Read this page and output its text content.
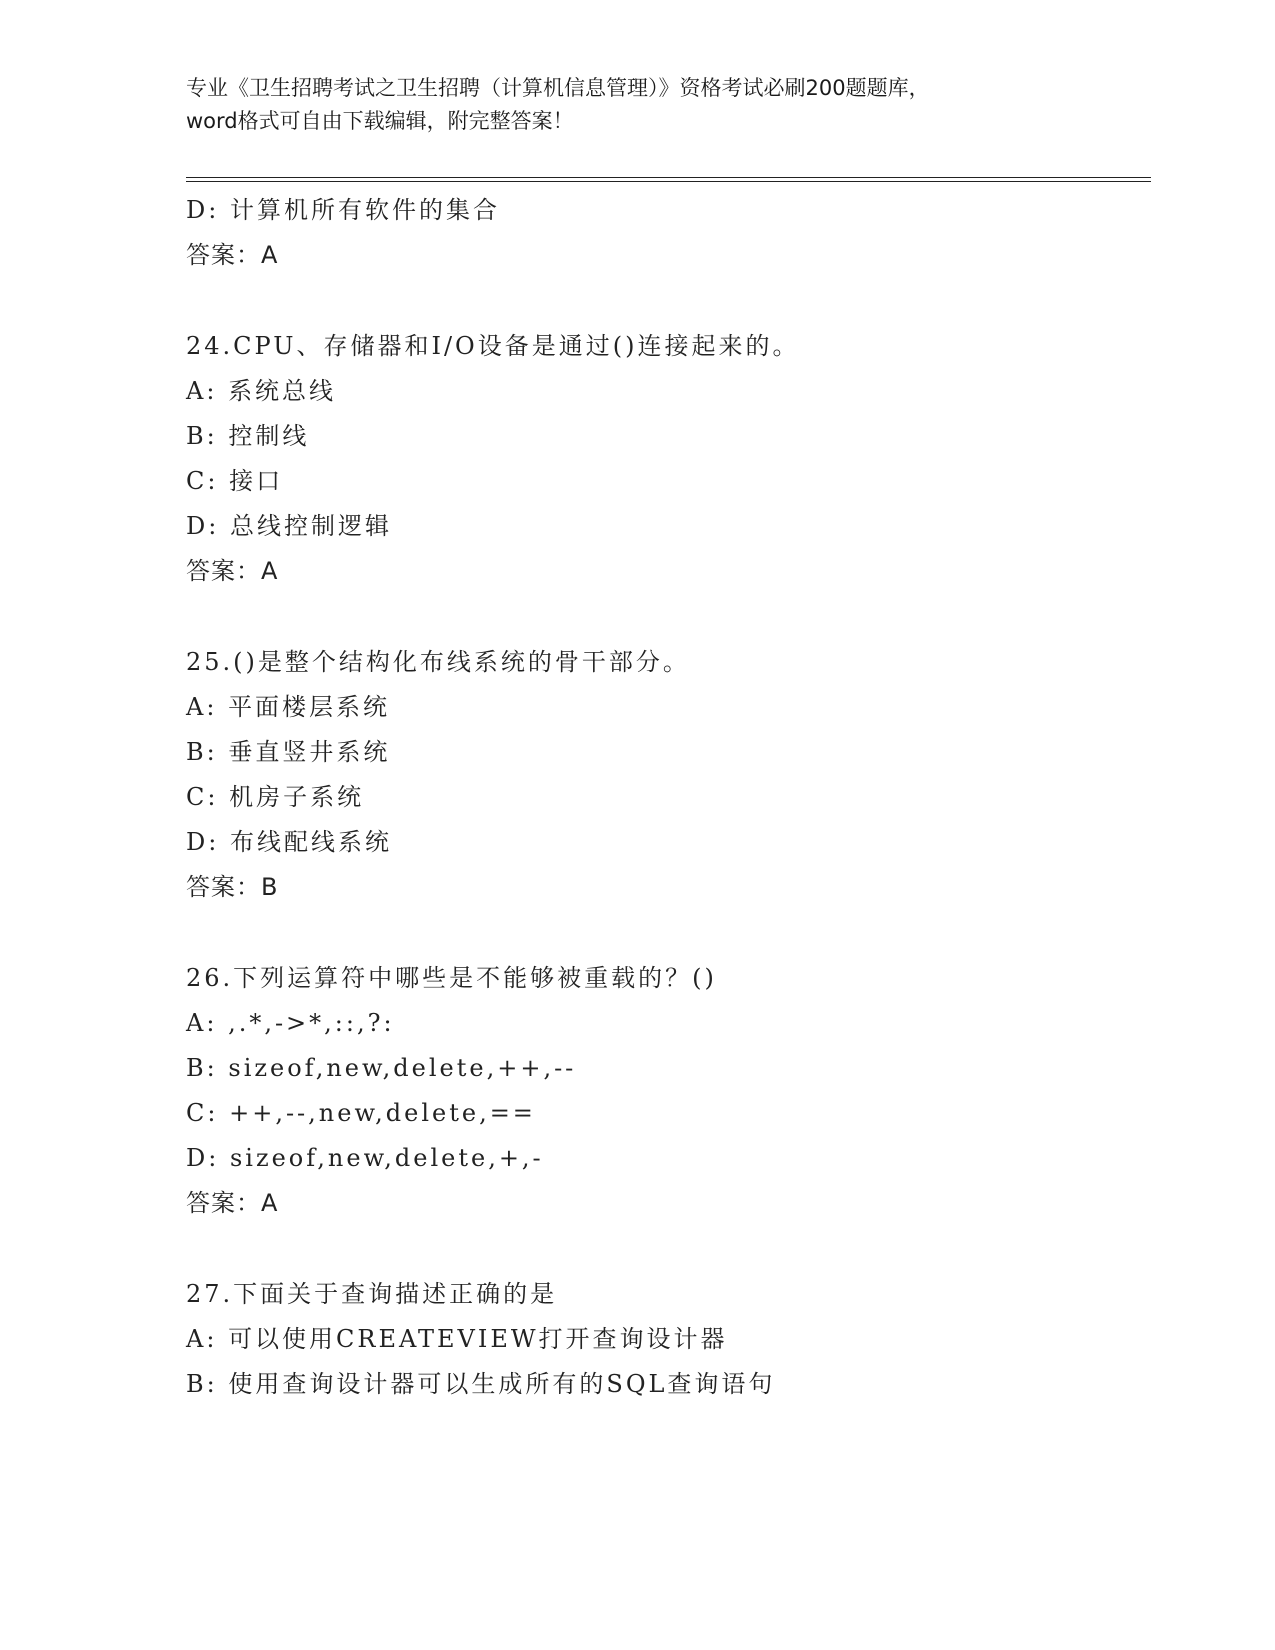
专业《卫生招聘考试之卫生招聘（计算机信息管理）》资格考试必刷200题题库，
word格式可自由下载编辑，附完整答案！
D: 计算机所有软件的集合
答案：A
24.CPU、存储器和I/O设备是通过()连接起来的。
A: 系统总线
B: 控制线
C: 接口
D: 总线控制逻辑
答案：A
25.()是整个结构化布线系统的骨干部分。
A: 平面楼层系统
B: 垂直竖井系统
C: 机房子系统
D: 布线配线系统
答案：B
26.下列运算符中哪些是不能够被重载的？()
A: ,.*,->*,::,?:
B: sizeof,new,delete,++,--
C: ++,--,new,delete,==
D: sizeof,new,delete,+,-
答案：A
27.下面关于查询描述正确的是
A: 可以使用CREATEVIEW打开查询设计器
B: 使用查询设计器可以生成所有的SQL查询语句
